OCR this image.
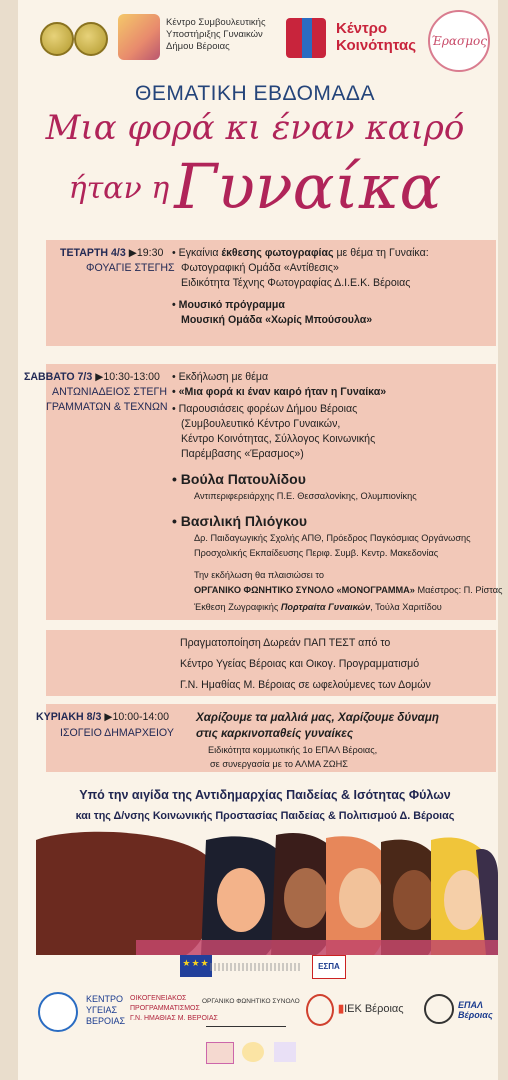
Κέντρο Συμβουλευτικής
Υποστήριξης Γυναικών
Δήμου Βέροιας
Κέντρο
Κοινότητας Έρασμος
ΘΕΜΑΤΙΚΗ ΕΒΔΟΜΑΔΑ
Μια φορά κι έναν καιρό
ήταν η Γυναίκα
ΤΕΤΑΡΤΗ 4/3 ▶19:30
ΦΟΥΑΓΙΕ ΣΤΕΓΗΣ
• Εγκαίνια έκθεσης φωτογραφίας με θέμα τη Γυναίκα:
Φωτογραφική Ομάδα «Αντίθεσις»
Ειδικότητα Τέχνης Φωτογραφίας Δ.Ι.Ε.Κ. Βέροιας
• Μουσικό πρόγραμμα
Μουσική Ομάδα «Χωρίς Μπούσουλα»
ΣΑΒΒΑΤΟ 7/3 ▶10:30-13:00
ΑΝΤΩΝΙΑΔΕΙΟΣ ΣΤΕΓΗ
ΓΡΑΜΜΑΤΩΝ & ΤΕΧΝΩΝ
• Εκδήλωση με θέμα
• «Μια φορά κι έναν καιρό ήταν η Γυναίκα»
• Παρουσιάσεις φορέων Δήμου Βέροιας
(Συμβουλευτικό Κέντρο Γυναικών,
Κέντρο Κοινότητας, Σύλλογος Κοινωνικής
Παρέμβασης «Έρασμος»)
• Βούλα Πατουλίδου
Αντιπεριφερειάρχης Π.Ε. Θεσσαλονίκης, Ολυμπιονίκης
• Βασιλική Πλιόγκου
Δρ. Παιδαγωγικής Σχολής ΑΠΘ, Πρόεδρος Παγκόσμιας Οργάνωσης
Προσχολικής Εκπαίδευσης Περιφ. Συμβ. Κεντρ. Μακεδονίας
Την εκδήλωση θα πλαισιώσει το
ΟΡΓΑΝΙΚΟ ΦΩΝΗΤΙΚΟ ΣΥΝΟΛΟ «ΜΟΝΟΓΡΑΜΜΑ» Μαέστρος: Π. Ρίστας
Έκθεση Ζωγραφικής Πορτραίτα Γυναικών, Τούλα Χαριτίδου
Πραγματοποίηση Δωρεάν ΠΑΠ ΤΕΣΤ από το
Κέντρο Υγείας Βέροιας και Οικογ. Προγραμματισμό
Γ.Ν. Ημαθίας Μ. Βέροιας σε ωφελούμενες των Δομών
ΚΥΡΙΑΚΗ 8/3 ▶10:00-14:00
ΙΣΟΓΕΙΟ ΔΗΜΑΡΧΕΙΟΥ
Χαρίζουμε τα μαλλιά μας, Χαρίζουμε δύναμη
στις καρκινοπαθείς γυναίκες
Ειδικότητα κομμωτικής 1ο ΕΠΑΛ Βέροιας,
σε συνεργασία με το ΑΛΜΑ ΖΩΗΣ
Υπό την αιγίδα της Αντιδημαρχίας Παιδείας & Ισότητας Φύλων
και της Δ/νσης Κοινωνικής Προστασίας Παιδείας & Πολιτισμού Δ. Βέροιας
★★★	ΕΣΠΑ
ΚΕΝΤΡΟ
ΥΓΕΙΑΣ
ΒΕΡΟΙΑΣ
ΟΙΚΟΓΕΝΕΙΑΚΟΣ
ΠΡΟΓΡΑΜΜΑΤΙΣΜΟΣ
Γ.Ν. ΗΜΑΘΙΑΣ Μ. ΒΕΡΟΙΑΣ
ΟΡΓΑΝΙΚΟ ΦΩΝΗΤΙΚΟ ΣΥΝΟΛΟ
▮ΙΕΚ Βέροιας	ΕΠΑΛ Βέροιας
